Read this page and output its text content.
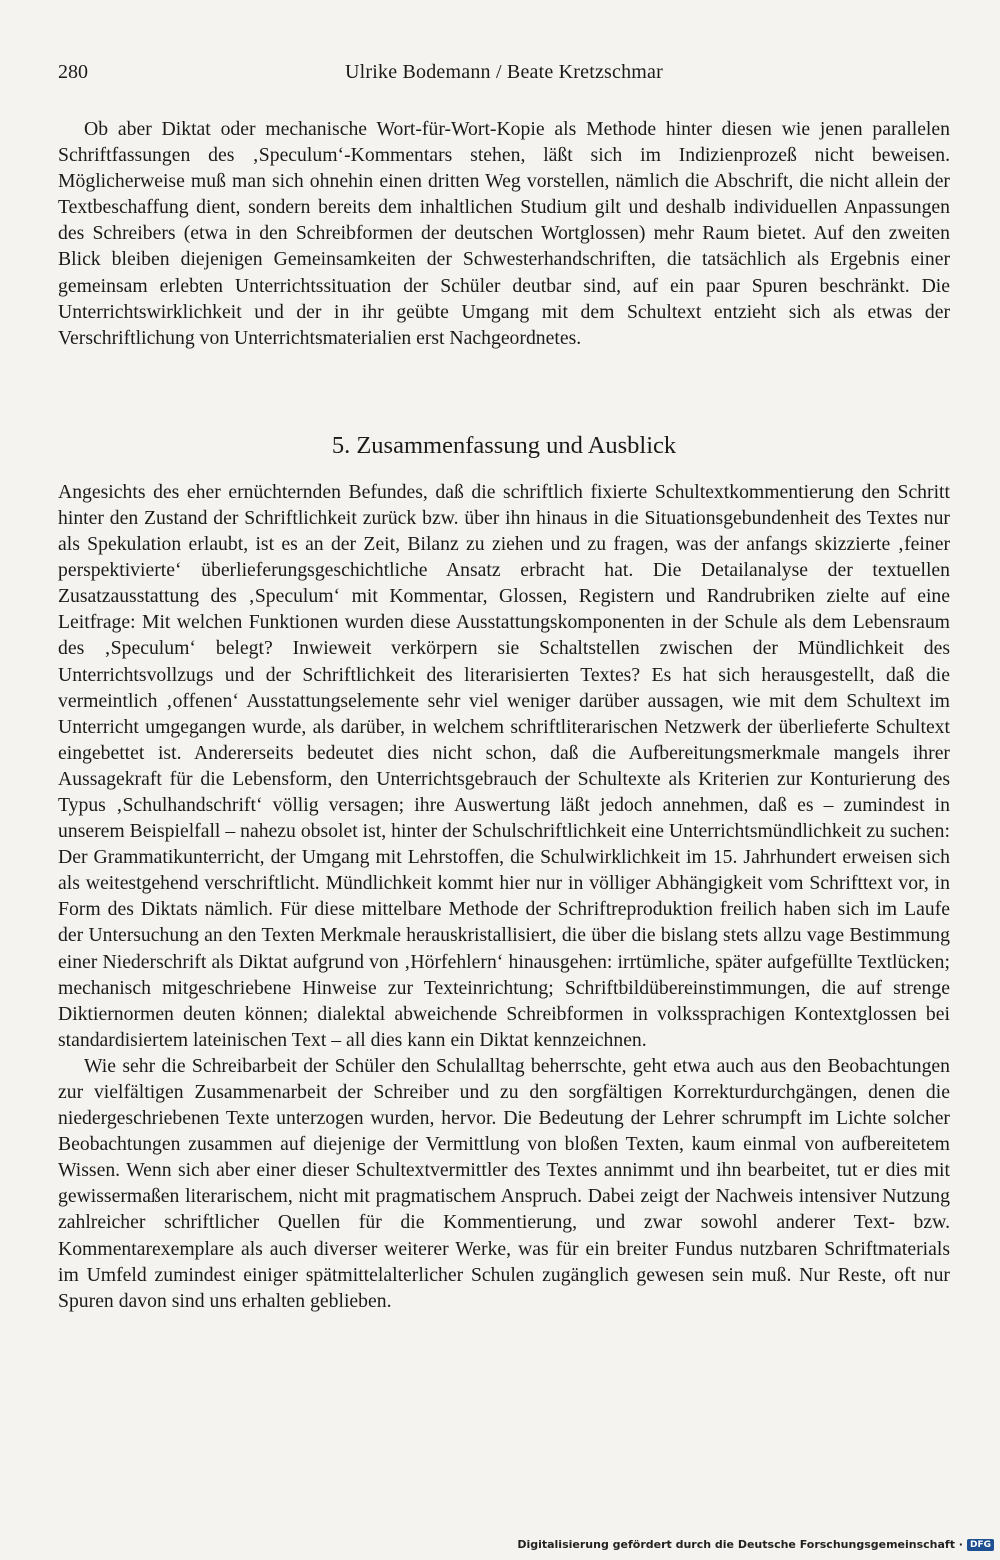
280	Ulrike Bodemann / Beate Kretzschmar

Ob aber Diktat oder mechanische Wort-für-Wort-Kopie als Methode hinter diesen wie jenen parallelen Schriftfassungen des ‚Speculum‘-Kommentars stehen, läßt sich im Indizienprozeß nicht beweisen. Möglicherweise muß man sich ohnehin einen dritten Weg vorstellen, nämlich die Abschrift, die nicht allein der Textbeschaffung dient, sondern bereits dem inhaltlichen Studium gilt und deshalb individuellen Anpassungen des Schreibers (etwa in den Schreibformen der deutschen Wortglossen) mehr Raum bietet. Auf den zweiten Blick bleiben diejenigen Gemeinsamkeiten der Schwesterhandschriften, die tatsächlich als Ergebnis einer gemeinsam erlebten Unterrichtssituation der Schüler deutbar sind, auf ein paar Spuren beschränkt. Die Unterrichtswirklichkeit und der in ihr geübte Umgang mit dem Schultext entzieht sich als etwas der Verschriftlichung von Unterrichtsmaterialien erst Nachgeordnetes.

5. Zusammenfassung und Ausblick

Angesichts des eher ernüchternden Befundes, daß die schriftlich fixierte Schultextkommentierung den Schritt hinter den Zustand der Schriftlichkeit zurück bzw. über ihn hinaus in die Situationsgebundenheit des Textes nur als Spekulation erlaubt, ist es an der Zeit, Bilanz zu ziehen und zu fragen, was der anfangs skizzierte ‚feiner perspektivierte‘ überlieferungsgeschichtliche Ansatz erbracht hat. Die Detailanalyse der textuellen Zusatzausstattung des ‚Speculum‘ mit Kommentar, Glossen, Registern und Randrubriken zielte auf eine Leitfrage: Mit welchen Funktionen wurden diese Ausstattungskomponenten in der Schule als dem Lebensraum des ‚Speculum‘ belegt? Inwieweit verkörpern sie Schaltstellen zwischen der Mündlichkeit des Unterrichtsvollzugs und der Schriftlichkeit des literarisierten Textes? Es hat sich herausgestellt, daß die vermeintlich ‚offenen‘ Ausstattungselemente sehr viel weniger darüber aussagen, wie mit dem Schultext im Unterricht umgegangen wurde, als darüber, in welchem schriftliterarischen Netzwerk der überlieferte Schultext eingebettet ist. Andererseits bedeutet dies nicht schon, daß die Aufbereitungsmerkmale mangels ihrer Aussagekraft für die Lebensform, den Unterrichtsgebrauch der Schultexte als Kriterien zur Konturierung des Typus ‚Schulhandschrift‘ völlig versagen; ihre Auswertung läßt jedoch annehmen, daß es – zumindest in unserem Beispielfall – nahezu obsolet ist, hinter der Schulschriftlichkeit eine Unterrichtsmündlichkeit zu suchen: Der Grammatikunterricht, der Umgang mit Lehrstoffen, die Schulwirklichkeit im 15. Jahrhundert erweisen sich als weitestgehend verschriftlicht. Mündlichkeit kommt hier nur in völliger Abhängigkeit vom Schrifttext vor, in Form des Diktats nämlich. Für diese mittelbare Methode der Schriftreproduktion freilich haben sich im Laufe der Untersuchung an den Texten Merkmale herauskristallisiert, die über die bislang stets allzu vage Bestimmung einer Niederschrift als Diktat aufgrund von ‚Hörfehlern‘ hinausgehen: irrtümliche, später aufgefüllte Textlücken; mechanisch mitgeschriebene Hinweise zur Texteinrichtung; Schriftbildübereinstimmungen, die auf strenge Diktiernormen deuten können; dialektal abweichende Schreibformen in volkssprachigen Kontextglossen bei standardisiertem lateinischen Text – all dies kann ein Diktat kennzeichnen.

Wie sehr die Schreibarbeit der Schüler den Schulalltag beherrschte, geht etwa auch aus den Beobachtungen zur vielfältigen Zusammenarbeit der Schreiber und zu den sorgfältigen Korrekturdurchgängen, denen die niedergeschriebenen Texte unterzogen wurden, hervor. Die Bedeutung der Lehrer schrumpft im Lichte solcher Beobachtungen zusammen auf diejenige der Vermittlung von bloßen Texten, kaum einmal von aufbereitetem Wissen. Wenn sich aber einer dieser Schultextvermittler des Textes annimmt und ihn bearbeitet, tut er dies mit gewissermaßen literarischem, nicht mit pragmatischem Anspruch. Dabei zeigt der Nachweis intensiver Nutzung zahlreicher schriftlicher Quellen für die Kommentierung, und zwar sowohl anderer Text- bzw. Kommentarexemplare als auch diverser weiterer Werke, was für ein breiter Fundus nutzbaren Schriftmaterials im Umfeld zumindest einiger spätmittelalterlicher Schulen zugänglich gewesen sein muß. Nur Reste, oft nur Spuren davon sind uns erhalten geblieben.

Digitalisierung gefördert durch die Deutsche Forschungsgemeinschaft · DFG
